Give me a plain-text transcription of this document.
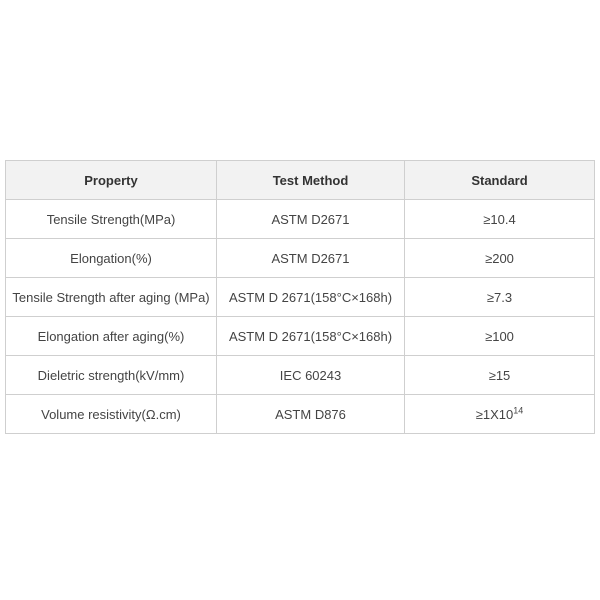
Property	Test Method	Standard
Tensile Strength(MPa)	ASTM D2671	≥10.4
Elongation(%)	ASTM D2671	≥200
Tensile Strength after aging (MPa)	ASTM D 2671(158°C×168h)	≥7.3
Elongation after aging(%)	ASTM D 2671(158°C×168h)	≥100
Dieletric strength(kV/mm)	IEC 60243	≥15
Volume resistivity(Ω.cm)	ASTM D876	$\ge 1X10^{14}$
